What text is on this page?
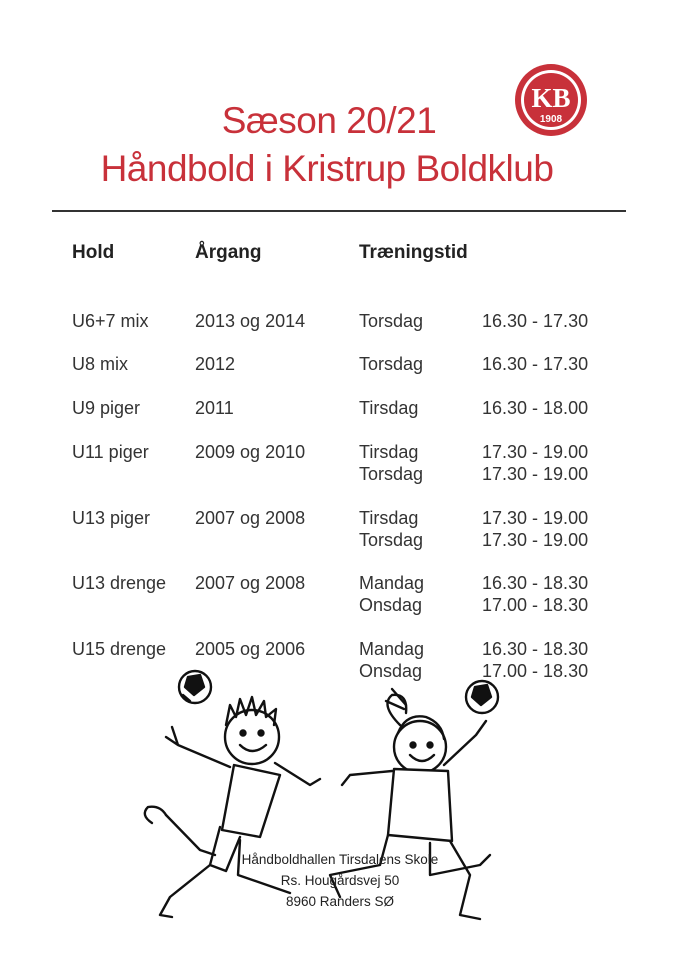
Sæson 20/21
Håndbold i Kristrup Boldklub
KB
1908
Hold	Årgang	Træningstid
U6+7 mix	2013 og 2014	Torsdag	16.30 - 17.30
U8 mix	2012	Torsdag	16.30 - 17.30
U9 piger	2011	Tirsdag	16.30 - 18.00
U11 piger	2009 og 2010	Tirsdag	17.30 - 19.00
Torsdag	17.30 - 19.00
U13 piger 2007 og 2008	Tirsdag	17.30 - 19.00
Torsdag	17.30 - 19.00
U13 drenge 2007 og 2008	Mandag	16.30 - 18.30
Onsdag	17.00 - 18.30
U15 drenge 2005 og 2006	Mandag	16.30 - 18.30
Onsdag	17.00 - 18.30
Håndboldhallen Tirsdalens Skole
Rs. Hougårdsvej 50
8960 Randers SØ
